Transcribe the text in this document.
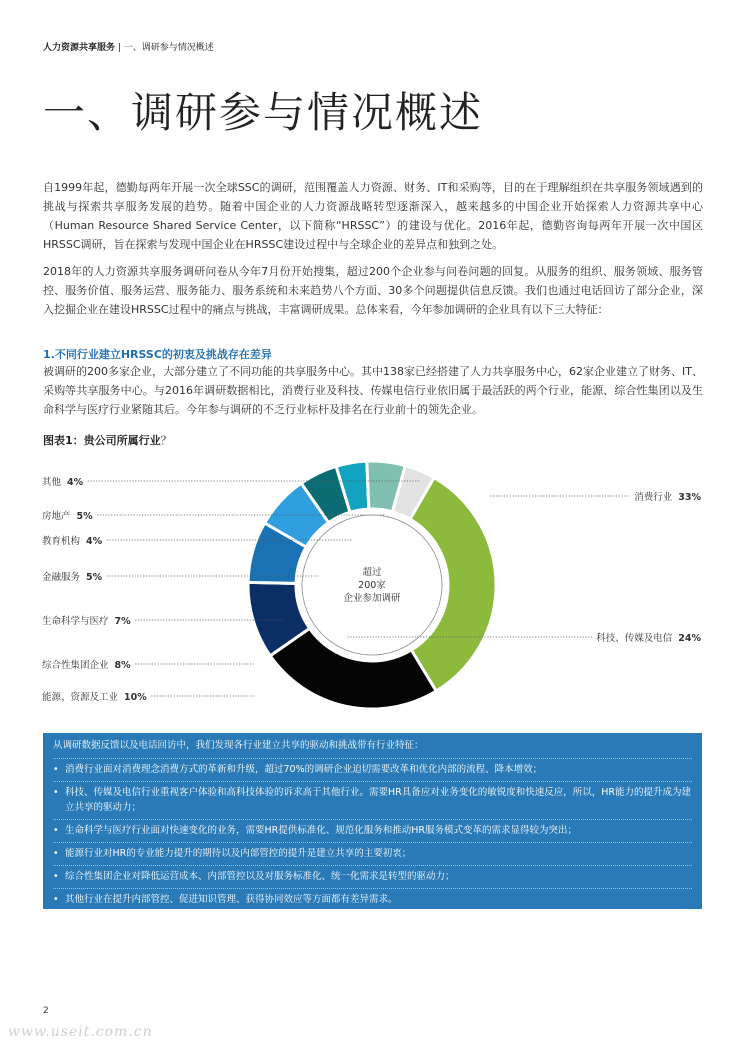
人力资源共享服务 | 一、调研参与情况概述
一、调研参与情况概述

自1999年起，德勤每两年开展一次全球SSC的调研，范围覆盖人力资源、财务、IT和采购等，目的在于理解组织在共享服务领域遇到的挑战与探索共享服务发展的趋势。随着中国企业的人力资源战略转型逐渐深入，越来越多的中国企业开始探索人力资源共享中心（Human Resource Shared Service Center，以下简称“HRSSC”）的建设与优化。2016年起，德勤咨询每两年开展一次中国区HRSSC调研，旨在探索与发现中国企业在HRSSC建设过程中与全球企业的差异点和独到之处。

2018年的人力资源共享服务调研问卷从今年7月份开始搜集，超过200个企业参与问卷问题的回复。从服务的组织、服务领域、服务管控、服务价值、服务运营、服务能力、服务系统和未来趋势八个方面、30多个问题提供信息反馈。我们也通过电话回访了部分企业，深入挖掘企业在建设HRSSC过程中的痛点与挑战，丰富调研成果。总体来看，今年参加调研的企业具有以下三大特征：

1.不同行业建立HRSSC的初衷及挑战存在差异

被调研的200多家企业，大部分建立了不同功能的共享服务中心。其中138家已经搭建了人力共享服务中心，62家企业建立了财务、IT、采购等共享服务中心。与2016年调研数据相比，消费行业及科技、传媒电信行业依旧属于最活跃的两个行业，能源、综合性集团以及生命科学与医疗行业紧随其后。今年参与调研的不乏行业标杆及排名在行业前十的领先企业。

图表1：贵公司所属行业？
消费行业 33%
科技、传媒及电信 24%
能源、资源及工业 10%
综合性集团企业 8%
生命科学与医疗 7%
金融服务 5%
教育机构 4%
房地产 5%
其他 4%
超过
200家
企业参加调研

从调研数据反馈以及电话回访中，我们发现各行业建立共享的驱动和挑战带有行业特征：

• 消费行业面对消费理念消费方式的革新和升级，超过70%的调研企业迫切需要改革和优化内部的流程、降本增效；
• 科技、传媒及电信行业重视客户体验和高科技体验的诉求高于其他行业。需要HR具备应对业务变化的敏锐度和快速反应，所以，HR能力的提升成为建立共享的驱动力；
• 生命科学与医疗行业面对快速变化的业务，需要HR提供标准化、规范化服务和推动HR服务模式变革的需求显得较为突出；
• 能源行业对HR的专业能力提升的期待以及内部管控的提升是建立共享的主要初衷；
• 综合性集团企业对降低运营成本、内部管控以及对服务标准化、统一化需求是转型的驱动力；
• 其他行业在提升内部管控、促进知识管理、获得协同效应等方面都有差异需求。
2
www.useit.com.cn
